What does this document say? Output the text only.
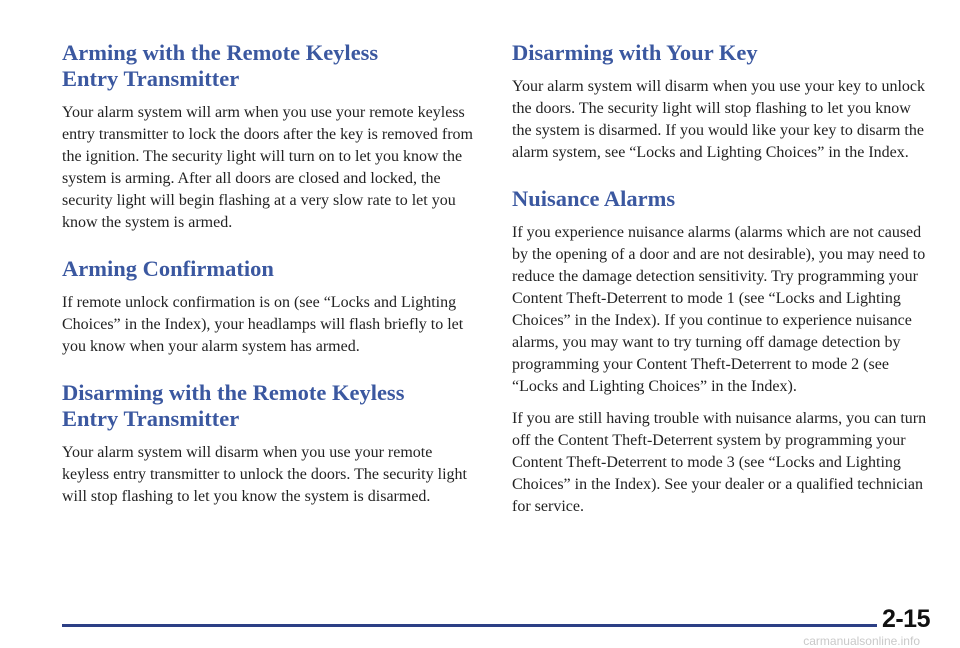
Arming with the Remote Keyless
Entry Transmitter

Your alarm system will arm when you use your remote keyless entry transmitter to lock the doors after the key is removed from the ignition. The security light will turn on to let you know the system is arming. After all doors are closed and locked, the security light will begin flashing at a very slow rate to let you know the system is armed.

Arming Confirmation

If remote unlock confirmation is on (see “Locks and Lighting Choices” in the Index), your headlamps will flash briefly to let you know when your alarm system has armed.

Disarming with the Remote Keyless
Entry Transmitter

Your alarm system will disarm when you use your remote keyless entry transmitter to unlock the doors. The security light will stop flashing to let you know the system is disarmed.

Disarming with Your Key

Your alarm system will disarm when you use your key to unlock the doors. The security light will stop flashing to let you know the system is disarmed. If you would like your key to disarm the alarm system, see “Locks and Lighting Choices” in the Index.

Nuisance Alarms

If you experience nuisance alarms (alarms which are not caused by the opening of a door and are not desirable), you may need to reduce the damage detection sensitivity. Try programming your Content Theft-Deterrent to mode 1 (see “Locks and Lighting Choices” in the Index). If you continue to experience nuisance alarms, you may want to try turning off damage detection by programming your Content Theft-Deterrent to mode 2 (see “Locks and Lighting Choices” in the Index).

If you are still having trouble with nuisance alarms, you can turn off the Content Theft-Deterrent system by programming your Content Theft-Deterrent to mode 3 (see “Locks and Lighting Choices” in the Index). See your dealer or a qualified technician for service.

2-15
carmanualsonline.info
